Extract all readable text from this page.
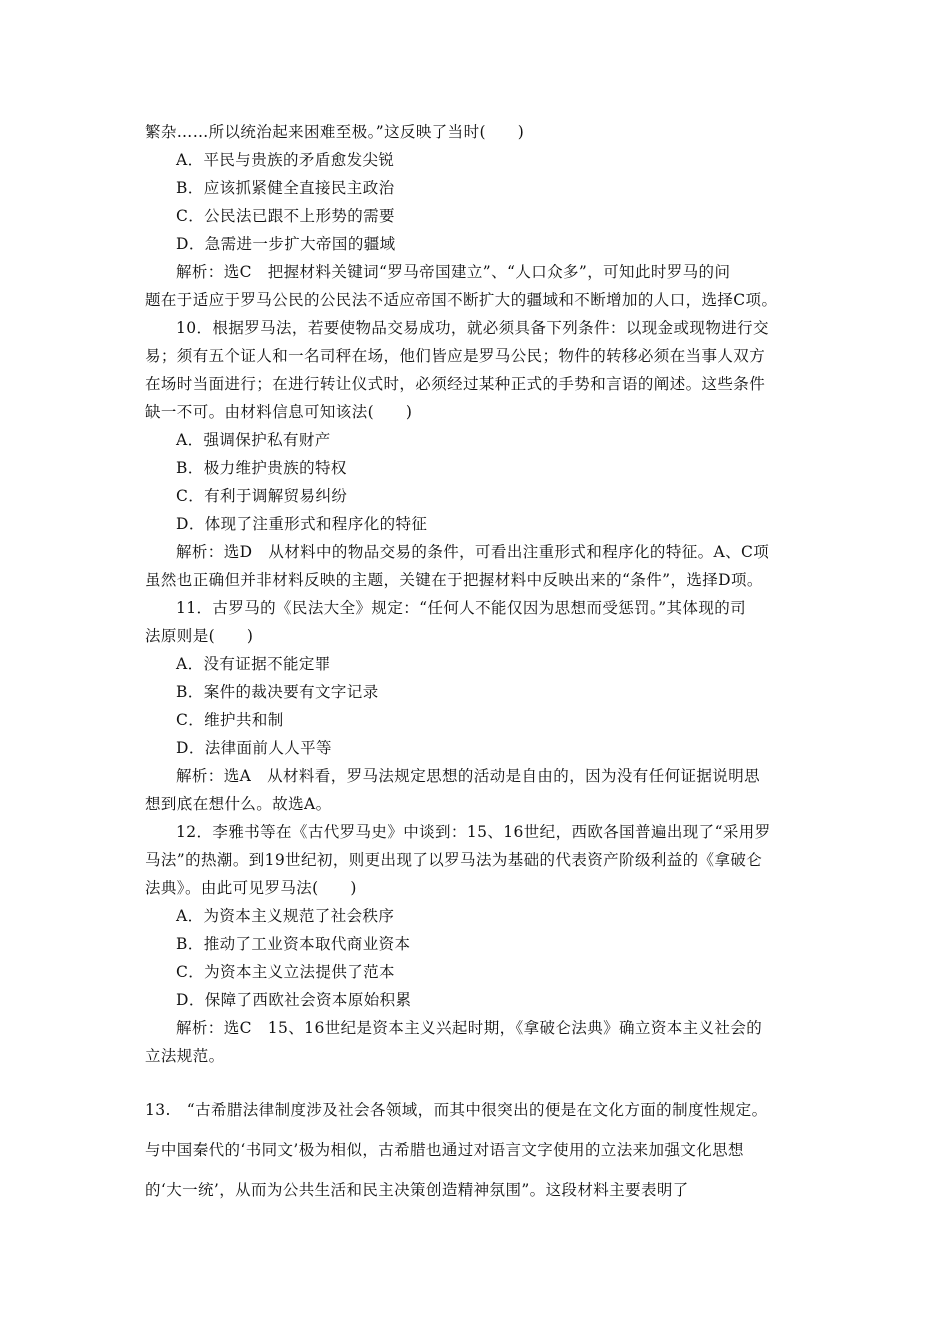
繁杂……所以统治起来困难至极。”这反映了当时(　　)
A．平民与贵族的矛盾愈发尖锐
B．应该抓紧健全直接民主政治
C．公民法已跟不上形势的需要
D．急需进一步扩大帝国的疆域
解析：选C　把握材料关键词“罗马帝国建立”、“人口众多”，可知此时罗马的问
题在于适应于罗马公民的公民法不适应帝国不断扩大的疆域和不断增加的人口，选择C项。
10．根据罗马法，若要使物品交易成功，就必须具备下列条件：以现金或现物进行交
易；须有五个证人和一名司秤在场，他们皆应是罗马公民；物件的转移必须在当事人双方
在场时当面进行；在进行转让仪式时，必须经过某种正式的手势和言语的阐述。这些条件
缺一不可。由材料信息可知该法(　　)
A．强调保护私有财产
B．极力维护贵族的特权
C．有利于调解贸易纠纷
D．体现了注重形式和程序化的特征
解析：选D　从材料中的物品交易的条件，可看出注重形式和程序化的特征。A、C项
虽然也正确但并非材料反映的主题，关键在于把握材料中反映出来的“条件”，选择D项。
11．古罗马的《民法大全》规定：“任何人不能仅因为思想而受惩罚。”其体现的司
法原则是(　　)
A．没有证据不能定罪
B．案件的裁决要有文字记录
C．维护共和制
D．法律面前人人平等
解析：选A　从材料看，罗马法规定思想的活动是自由的，因为没有任何证据说明思
想到底在想什么。故选A。
12．李雅书等在《古代罗马史》中谈到：15、16世纪，西欧各国普遍出现了“采用罗
马法”的热潮。到19世纪初，则更出现了以罗马法为基础的代表资产阶级利益的《拿破仑
法典》。由此可见罗马法(　　)
A．为资本主义规范了社会秩序
B．推动了工业资本取代商业资本
C．为资本主义立法提供了范本
D．保障了西欧社会资本原始积累
解析：选C　15、16世纪是资本主义兴起时期，《拿破仑法典》确立资本主义社会的
立法规范。
13.　“古希腊法律制度涉及社会各领域，而其中很突出的便是在文化方面的制度性规定。
与中国秦代的‘书同文’极为相似，古希腊也通过对语言文字使用的立法来加强文化思想
的‘大一统’，从而为公共生活和民主决策创造精神氛围”。这段材料主要表明了
